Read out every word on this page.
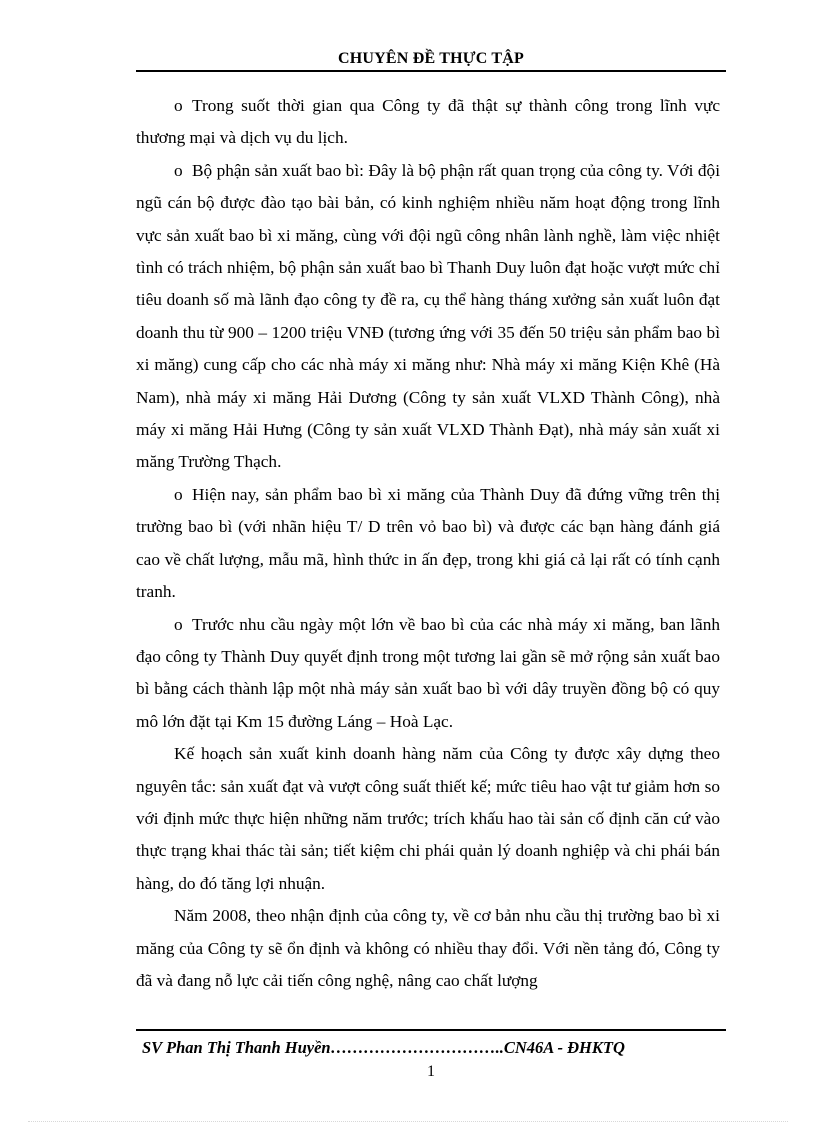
CHUYÊN ĐỀ THỰC TẬP

o Trong suốt thời gian qua Công ty đã thật sự thành công trong lĩnh vực thương mại và dịch vụ du lịch.

o Bộ phận sản xuất bao bì: Đây là bộ phận rất quan trọng của công ty. Với đội ngũ cán bộ được đào tạo bài bản, có kinh nghiệm nhiều năm hoạt động trong lĩnh vực sản xuất bao bì xi măng, cùng với đội ngũ công nhân lành nghề, làm việc nhiệt tình có trách nhiệm, bộ phận sản xuất bao bì Thanh Duy luôn đạt hoặc vượt mức chỉ tiêu doanh số mà lãnh đạo công ty đề ra, cụ thể hàng tháng xưởng sản xuất luôn đạt doanh thu từ 900 – 1200 triệu VNĐ (tương ứng với 35 đến 50 triệu sản phẩm bao bì xi măng) cung cấp cho các nhà máy xi măng như: Nhà máy xi măng Kiện Khê (Hà Nam), nhà máy xi măng Hải Dương (Công ty sản xuất VLXD Thành Công), nhà máy xi măng Hải Hưng (Công ty sản xuất VLXD Thành Đạt), nhà máy sản xuất xi măng Trường Thạch.

o Hiện nay, sản phẩm bao bì xi măng của Thành Duy đã đứng vững trên thị trường bao bì (với nhãn hiệu T/ D trên vỏ bao bì) và được các bạn hàng đánh giá cao về chất lượng, mẫu mã, hình thức in ấn đẹp, trong khi giá cả lại rất có tính cạnh tranh.

o Trước nhu cầu ngày một lớn về bao bì của các nhà máy xi măng, ban lãnh đạo công ty Thành Duy quyết định trong một tương lai gần sẽ mở rộng sản xuất bao bì bằng cách thành lập một nhà máy sản xuất bao bì với dây truyền đồng bộ có quy mô lớn đặt tại Km 15 đường Láng – Hoà Lạc.

Kế hoạch sản xuất kinh doanh hàng năm của Công ty được xây dựng theo nguyên tắc: sản xuất đạt và vượt công suất thiết kế; mức tiêu hao vật tư giảm hơn so với định mức thực hiện những năm trước; trích khấu hao tài sản cố định căn cứ vào thực trạng khai thác tài sản; tiết kiệm chi phái quản lý doanh nghiệp và chi phái bán hàng, do đó tăng lợi nhuận.

Năm 2008, theo nhận định của công ty, về cơ bản nhu cầu thị trường bao bì xi măng của Công ty sẽ ổn định và không có nhiều thay đổi. Với nền tảng đó, Công ty đã và đang nỗ lực cải tiến công nghệ, nâng cao chất lượng

SV Phan Thị Thanh Huyền…………………………..CN46A - ĐHKTQ
1
